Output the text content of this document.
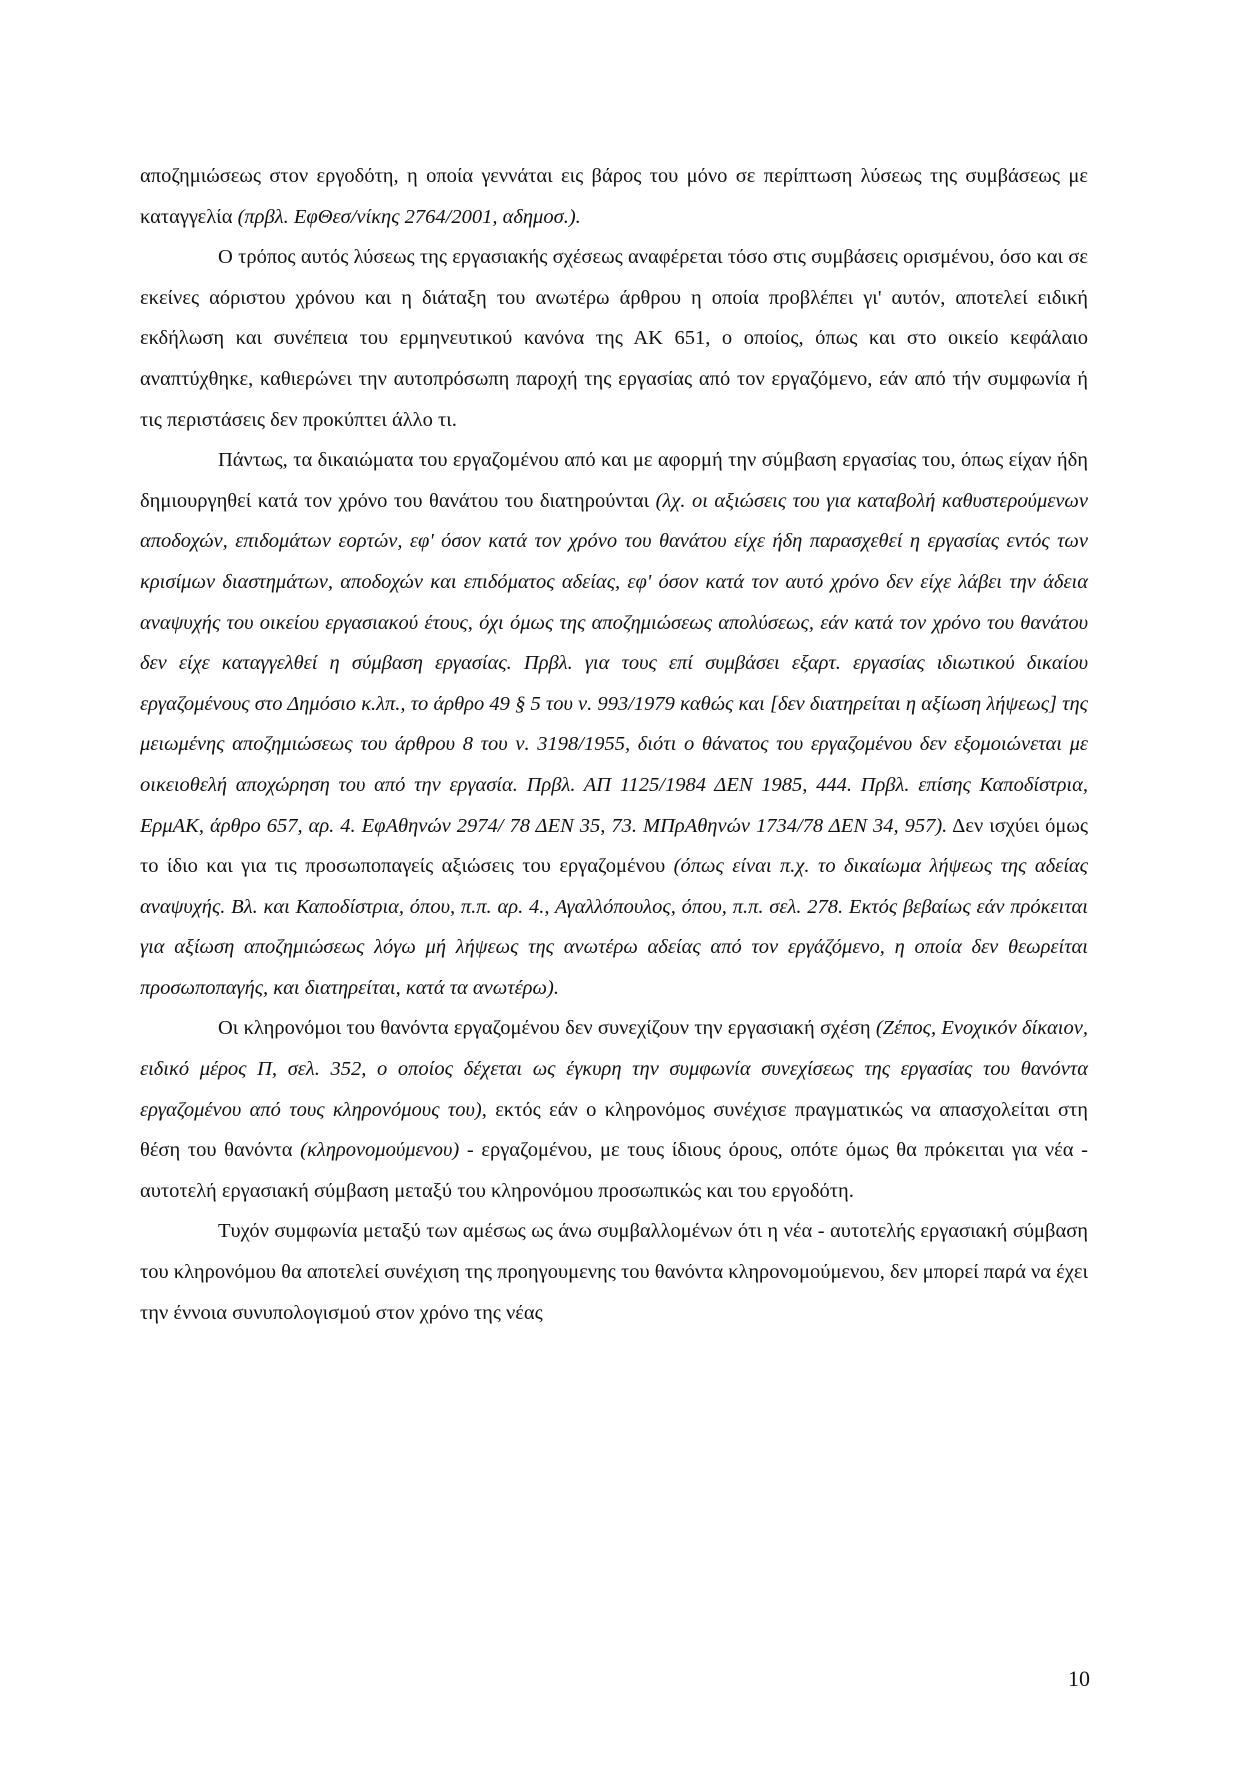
αποζημιώσεως στον εργοδότη, η οποία γεννάται εις βάρος του μόνο σε περίπτωση λύσεως της συμβάσεως με καταγγελία (πρβλ. ΕφΘεσ/νίκης 2764/2001, αδημοσ.).

Ο τρόπος αυτός λύσεως της εργασιακής σχέσεως αναφέρεται τόσο στις συμβάσεις ορισμένου, όσο και σε εκείνες αόριστου χρόνου και η διάταξη του ανωτέρω άρθρου η οποία προβλέπει γι' αυτόν, αποτελεί ειδική εκδήλωση και συνέπεια του ερμηνευτικού κανόνα της ΑΚ 651, ο οποίος, όπως και στο οικείο κεφάλαιο αναπτύχθηκε, καθιερώνει την αυτοπρόσωπη παροχή της εργασίας από τον εργαζόμενο, εάν από τήν συμφωνία ή τις περιστάσεις δεν προκύπτει άλλο τι.

Πάντως, τα δικαιώματα του εργαζομένου από και με αφορμή την σύμβαση εργασίας του, όπως είχαν ήδη δημιουργηθεί κατά τον χρόνο του θανάτου του διατηρούνται (λχ. οι αξιώσεις του για καταβολή καθυστερούμενων αποδοχών, επιδομάτων εορτών, εφ' όσον κατά τον χρόνο του θανάτου είχε ήδη παρασχεθεί η εργασίας εντός των κρισίμων διαστημάτων, αποδοχών και επιδόματος αδείας, εφ' όσον κατά τον αυτό χρόνο δεν είχε λάβει την άδεια αναψυχής του οικείου εργασιακού έτους, όχι όμως της αποζημιώσεως απολύσεως, εάν κατά τον χρόνο του θανάτου δεν είχε καταγγελθεί η σύμβαση εργασίας. Πρβλ. για τους επί συμβάσει εξαρτ. εργασίας ιδιωτικού δικαίου εργαζομένους στο Δημόσιο κ.λπ., το άρθρο 49 § 5 του ν. 993/1979 καθώς και [δεν διατηρείται η αξίωση λήψεως] της μειωμένης αποζημιώσεως του άρθρου 8 του ν. 3198/1955, διότι ο θάνατος του εργαζομένου δεν εξομοιώνεται με οικειοθελή αποχώρηση του από την εργασία. Πρβλ. ΑΠ 1125/1984 ΔΕΝ 1985, 444. Πρβλ. επίσης Καποδίστρια, ΕρμΑΚ, άρθρο 657, αρ. 4. ΕφΑθηνών 2974/ 78 ΔΕΝ 35, 73. ΜΠρΑθηνών 1734/78 ΔΕΝ 34, 957). Δεν ισχύει όμως το ίδιο και για τις προσωποπαγείς αξιώσεις του εργαζομένου (όπως είναι π.χ. το δικαίωμα λήψεως της αδείας αναψυχής. Βλ. και Καποδίστρια, όπου, π.π. αρ. 4., Αγαλλόπουλος, όπου, π.π. σελ. 278. Εκτός βεβαίως εάν πρόκειται για αξίωση αποζημιώσεως λόγω μή λήψεως της ανωτέρω αδείας από τον εργάζόμενο, η οποία δεν θεωρείται προσωποπαγής, και διατηρείται, κατά τα ανωτέρω).

Οι κληρονόμοι του θανόντα εργαζομένου δεν συνεχίζουν την εργασιακή σχέση (Ζέπος, Ενοχικόν δίκαιον, ειδικό μέρος Π, σελ. 352, ο οποίος δέχεται ως έγκυρη την συμφωνία συνεχίσεως της εργασίας του θανόντα εργαζομένου από τους κληρονόμους του), εκτός εάν ο κληρονόμος συνέχισε πραγματικώς να απασχολείται στη θέση του θανόντα (κληρονομούμενου) - εργαζομένου, με τους ίδιους όρους, οπότε όμως θα πρόκειται για νέα - αυτοτελή εργασιακή σύμβαση μεταξύ του κληρονόμου προσωπικώς και του εργοδότη.

Τυχόν συμφωνία μεταξύ των αμέσως ως άνω συμβαλλομένων ότι η νέα - αυτοτελής εργασιακή σύμβαση του κληρονόμου θα αποτελεί συνέχιση της προηγουμενης του θανόντα κληρονομούμενου, δεν μπορεί παρά να έχει την έννοια συνυπολογισμού στον χρόνο της νέας

10
